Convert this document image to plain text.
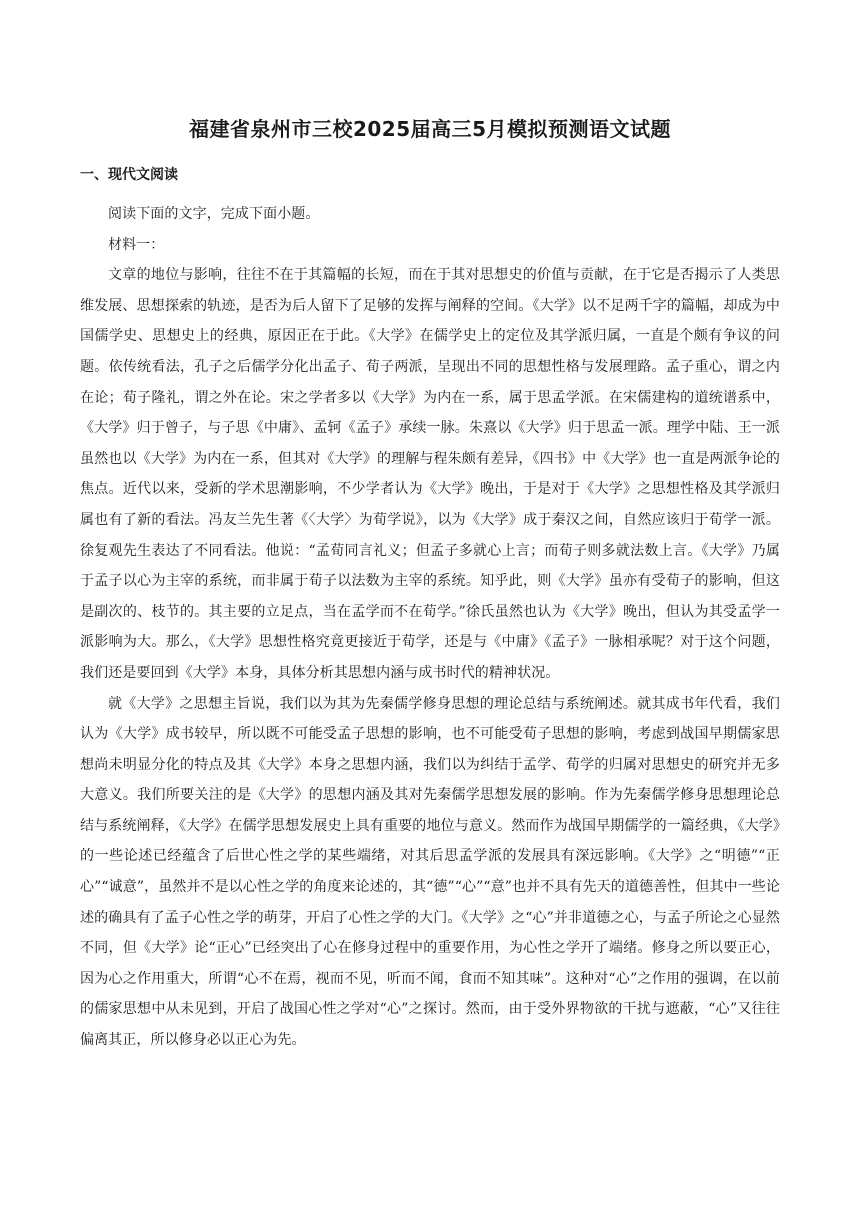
福建省泉州市三校2025届高三5月模拟预测语文试题
一、现代文阅读

阅读下面的文字，完成下面小题。

材料一：

文章的地位与影响，往往不在于其篇幅的长短，而在于其对思想史的价值与贡献，在于它是否揭示了人类思维发展、思想探索的轨迹，是否为后人留下了足够的发挥与阐释的空间。《大学》以不足两千字的篇幅，却成为中国儒学史、思想史上的经典，原因正在于此。《大学》在儒学史上的定位及其学派归属，一直是个颇有争议的问题。依传统看法，孔子之后儒学分化出孟子、荀子两派，呈现出不同的思想性格与发展理路。孟子重心，谓之内在论；荀子隆礼，谓之外在论。宋之学者多以《大学》为内在一系，属于思孟学派。在宋儒建构的道统谱系中，《大学》归于曾子，与子思《中庸》、孟轲《孟子》承续一脉。朱熹以《大学》归于思孟一派。理学中陆、王一派虽然也以《大学》为内在一系，但其对《大学》的理解与程朱颇有差异，《四书》中《大学》也一直是两派争论的焦点。近代以来，受新的学术思潮影响，不少学者认为《大学》晚出，于是对于《大学》之思想性格及其学派归属也有了新的看法。冯友兰先生著《〈大学〉为荀学说》，以为《大学》成于秦汉之间，自然应该归于荀学一派。徐复观先生表达了不同看法。他说：“孟荀同言礼义；但孟子多就心上言；而荀子则多就法数上言。《大学》乃属于孟子以心为主宰的系统，而非属于荀子以法数为主宰的系统。知乎此，则《大学》虽亦有受荀子的影响，但这是副次的、枝节的。其主要的立足点，当在孟学而不在荀学。”徐氏虽然也认为《大学》晚出，但认为其受孟学一派影响为大。那么，《大学》思想性格究竟更接近于荀学，还是与《中庸》《孟子》一脉相承呢？对于这个问题，我们还是要回到《大学》本身，具体分析其思想内涵与成书时代的精神状况。

就《大学》之思想主旨说，我们以为其为先秦儒学修身思想的理论总结与系统阐述。就其成书年代看，我们认为《大学》成书较早，所以既不可能受孟子思想的影响，也不可能受荀子思想的影响，考虑到战国早期儒家思想尚未明显分化的特点及其《大学》本身之思想内涵，我们以为纠结于孟学、荀学的归属对思想史的研究并无多大意义。我们所要关注的是《大学》的思想内涵及其对先秦儒学思想发展的影响。作为先秦儒学修身思想理论总结与系统阐释，《大学》在儒学思想发展史上具有重要的地位与意义。然而作为战国早期儒学的一篇经典，《大学》的一些论述已经蕴含了后世心性之学的某些端绪，对其后思孟学派的发展具有深远影响。《大学》之“明德”“正心”“诚意”，虽然并不是以心性之学的角度来论述的，其“德”“心”“意”也并不具有先天的道德善性，但其中一些论述的确具有了孟子心性之学的萌芽，开启了心性之学的大门。《大学》之“心”并非道德之心，与孟子所论之心显然不同，但《大学》论“正心”已经突出了心在修身过程中的重要作用，为心性之学开了端绪。修身之所以要正心，因为心之作用重大，所谓“心不在焉，视而不见，听而不闻，食而不知其味”。这种对“心”之作用的强调，在以前的儒家思想中从未见到，开启了战国心性之学对“心”之探讨。然而，由于受外界物欲的干扰与遮蔽，“心”又往往偏离其正，所以修身必以正心为先。
